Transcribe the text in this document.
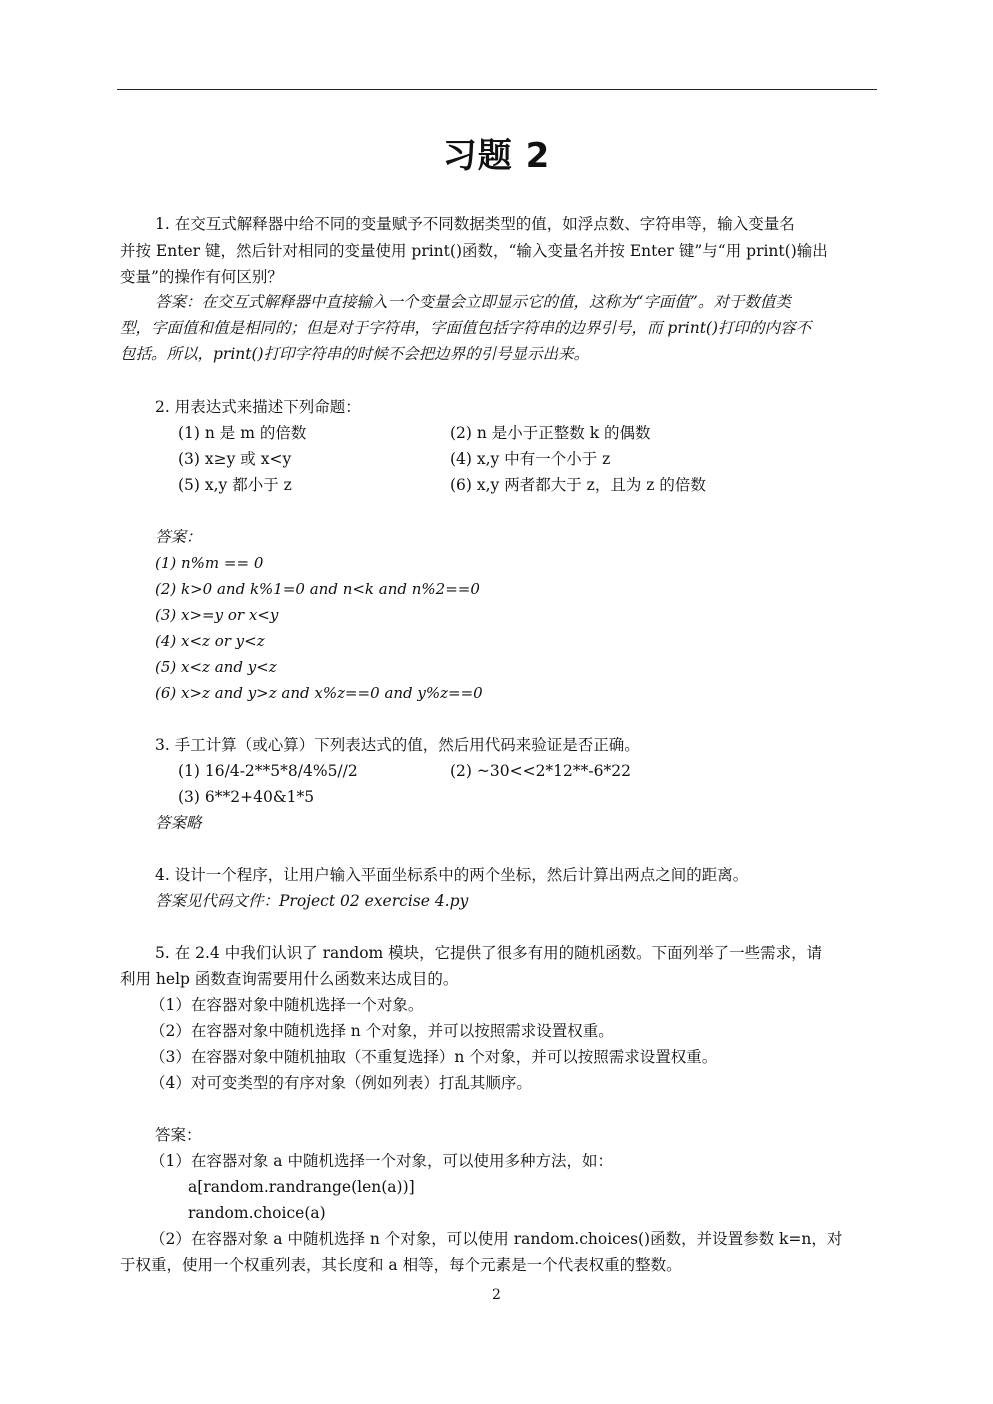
习题 2
1. 在交互式解释器中给不同的变量赋予不同数据类型的值，如浮点数、字符串等，输入变量名
并按 Enter 键，然后针对相同的变量使用 print()函数，“输入变量名并按 Enter 键”与“用 print()输出
变量”的操作有何区别？
答案：在交互式解释器中直接输入一个变量会立即显示它的值，这称为“字面值”。对于数值类
型，字面值和值是相同的；但是对于字符串，字面值包括字符串的边界引号，而 print()打印的内容不
包括。所以，print()打印字符串的时候不会把边界的引号显示出来。
2. 用表达式来描述下列命题：
(1) n 是 m 的倍数	(2) n 是小于正整数 k 的偶数
(3) x≥y 或 x<y	(4) x,y 中有一个小于 z
(5) x,y 都小于 z	(6) x,y 两者都大于 z，且为 z 的倍数
答案：
(1) n%m == 0
(2) k>0 and k%1=0 and n<k and n%2==0
(3) x>=y or x<y
(4) x<z or y<z
(5) x<z and y<z
(6) x>z and y>z and x%z==0 and y%z==0
3. 手工计算（或心算）下列表达式的值，然后用代码来验证是否正确。
(1) 16/4-2**5*8/4%5//2	(2) ~30<<2*12**-6*22
(3) 6**2+40&1*5
答案略
4. 设计一个程序，让用户输入平面坐标系中的两个坐标，然后计算出两点之间的距离。
答案见代码文件：Project 02 exercise 4.py
5. 在 2.4 中我们认识了 random 模块，它提供了很多有用的随机函数。下面列举了一些需求，请
利用 help 函数查询需要用什么函数来达成目的。
（1）在容器对象中随机选择一个对象。
（2）在容器对象中随机选择 n 个对象，并可以按照需求设置权重。
（3）在容器对象中随机抽取（不重复选择）n 个对象，并可以按照需求设置权重。
（4）对可变类型的有序对象（例如列表）打乱其顺序。
答案：
（1）在容器对象 a 中随机选择一个对象，可以使用多种方法，如：
a[random.randrange(len(a))]
random.choice(a)
（2）在容器对象 a 中随机选择 n 个对象，可以使用 random.choices()函数，并设置参数 k=n，对
于权重，使用一个权重列表，其长度和 a 相等，每个元素是一个代表权重的整数。
2
